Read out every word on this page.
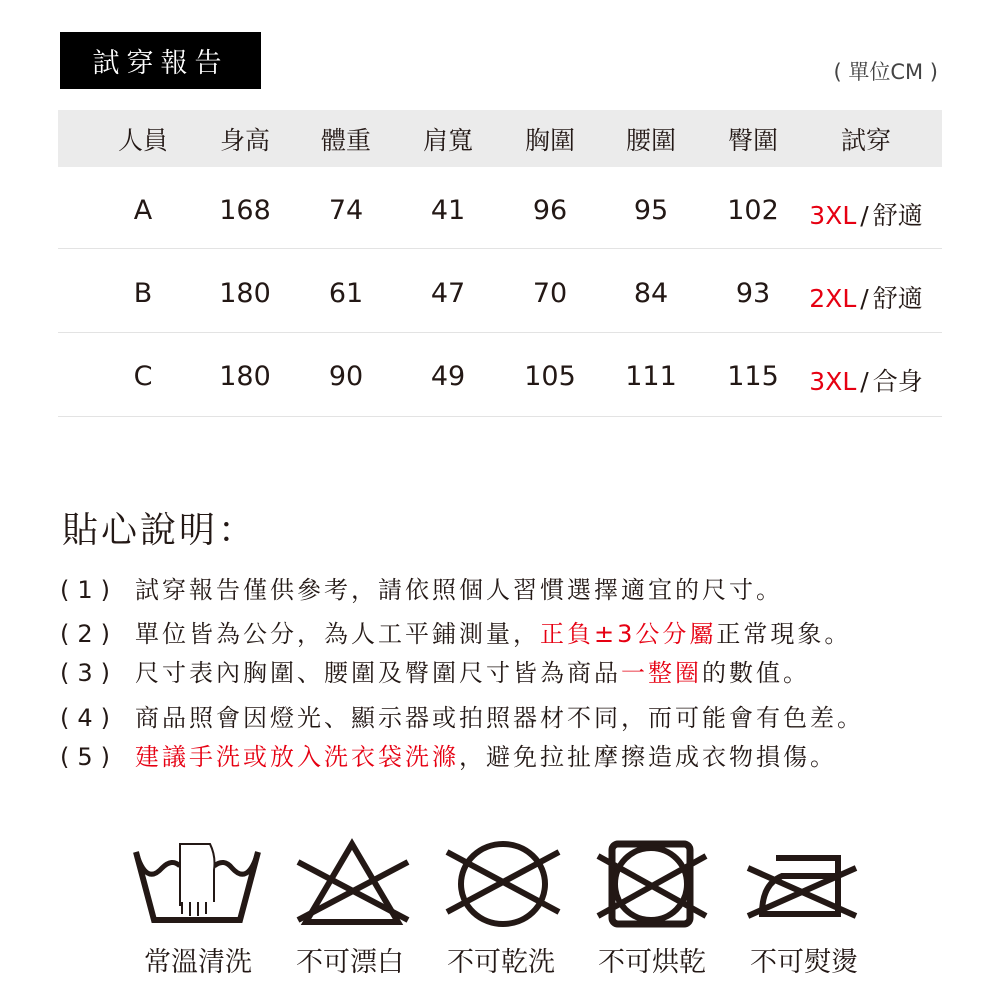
試穿報告	( 單位CM )
人員 身高 體重 肩寬 胸圍 腰圍 臀圍	試穿
A 168 74	41	96 95 102 3XL / 舒適
B 180 61	47	70 84	93 2XL / 舒適
C 180 90	49 105 111 115 3XL / 合身
貼心說明：
(1) 試穿報告僅供參考，請依照個人習慣選擇適宜的尺寸。
(2) 單位皆為公分，為人工平鋪測量，正負±3公分屬正常現象。
(3) 尺寸表內胸圍、腰圍及臀圍尺寸皆為商品一整圈的數值。
(4) 商品照會因燈光、顯示器或拍照器材不同，而可能會有色差。
(5) 建議手洗或放入洗衣袋洗滌，避免拉扯摩擦造成衣物損傷。
常溫清洗 不可漂白 不可乾洗 不可烘乾 不可熨燙
